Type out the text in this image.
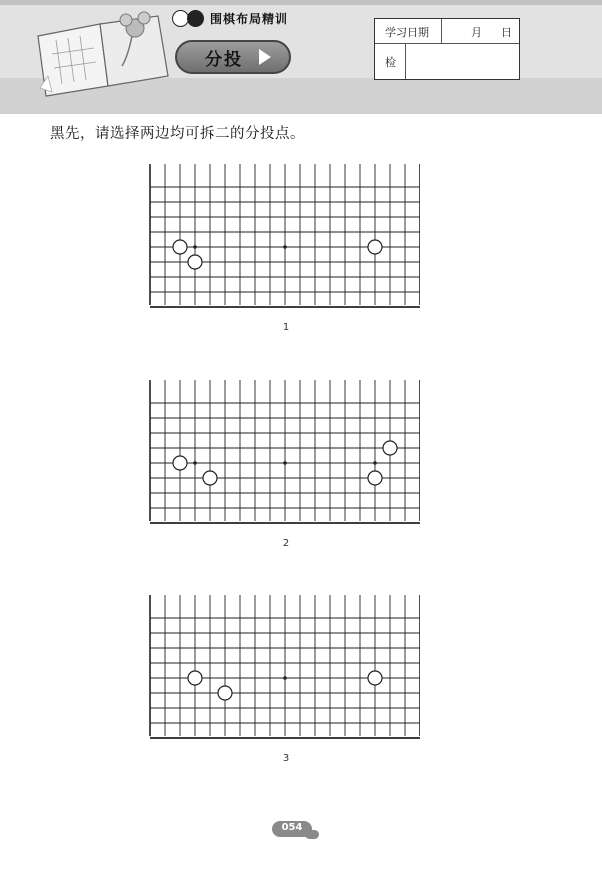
围棋布局精训
分投
学习日期	月 日
检
黑先，请选择两边均可拆二的分投点。
1
2
3
054
